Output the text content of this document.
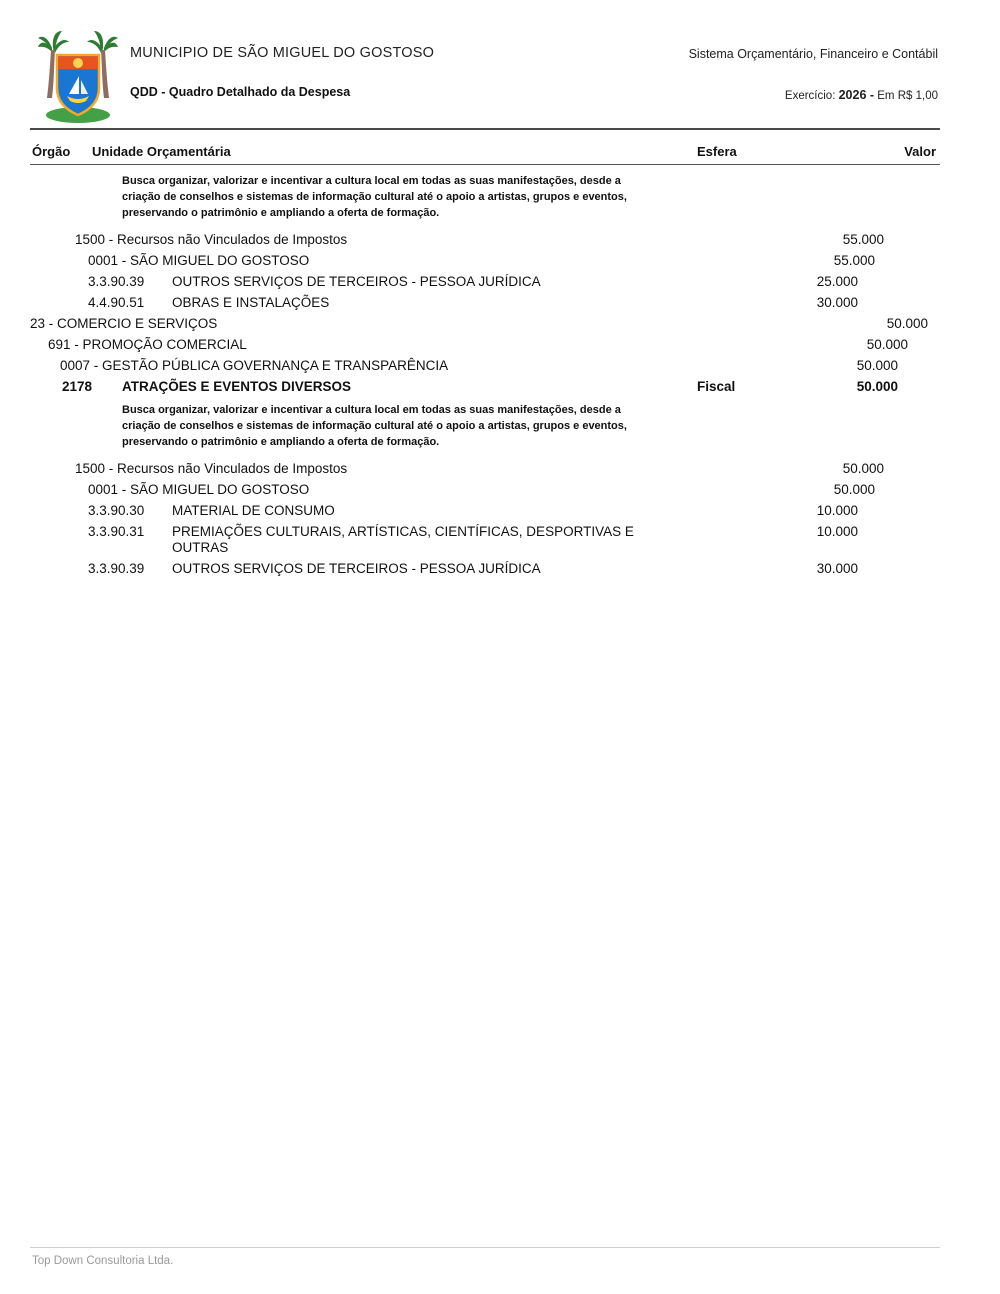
MUNICIPIO DE SÃO MIGUEL DO GOSTOSO	Sistema Orçamentário, Financeiro e Contábil
QDD - Quadro Detalhado da Despesa	Exercício: 2026 - Em R$ 1,00
Órgão Unidade Orçamentária	Esfera	Valor
Busca organizar, valorizar e incentivar a cultura local em todas as suas manifestações, desde a criação de conselhos e sistemas de informação cultural até o apoio a artistas, grupos e eventos, preservando o patrimônio e ampliando a oferta de formação.
1500 - Recursos não Vinculados de Impostos	55.000
0001 - SÃO MIGUEL DO GOSTOSO	55.000
3.3.90.39 OUTROS SERVIÇOS DE TERCEIROS - PESSOA JURÍDICA	25.000
4.4.90.51 OBRAS E INSTALAÇÕES	30.000
23 - COMERCIO E SERVIÇOS	50.000
691 - PROMOÇÃO COMERCIAL	50.000
0007 - GESTÃO PÚBLICA GOVERNANÇA E TRANSPARÊNCIA	50.000
2178 ATRAÇÕES E EVENTOS DIVERSOS	Fiscal	50.000
Busca organizar, valorizar e incentivar a cultura local em todas as suas manifestações, desde a criação de conselhos e sistemas de informação cultural até o apoio a artistas, grupos e eventos, preservando o patrimônio e ampliando a oferta de formação.
1500 - Recursos não Vinculados de Impostos	50.000
0001 - SÃO MIGUEL DO GOSTOSO	50.000
3.3.90.30 MATERIAL DE CONSUMO	10.000
3.3.90.31 PREMIAÇÕES CULTURAIS, ARTÍSTICAS, CIENTÍFICAS, DESPORTIVAS E OUTRAS
10.000
3.3.90.39 OUTROS SERVIÇOS DE TERCEIROS - PESSOA JURÍDICA	30.000
Top Down Consultoria Ltda.
